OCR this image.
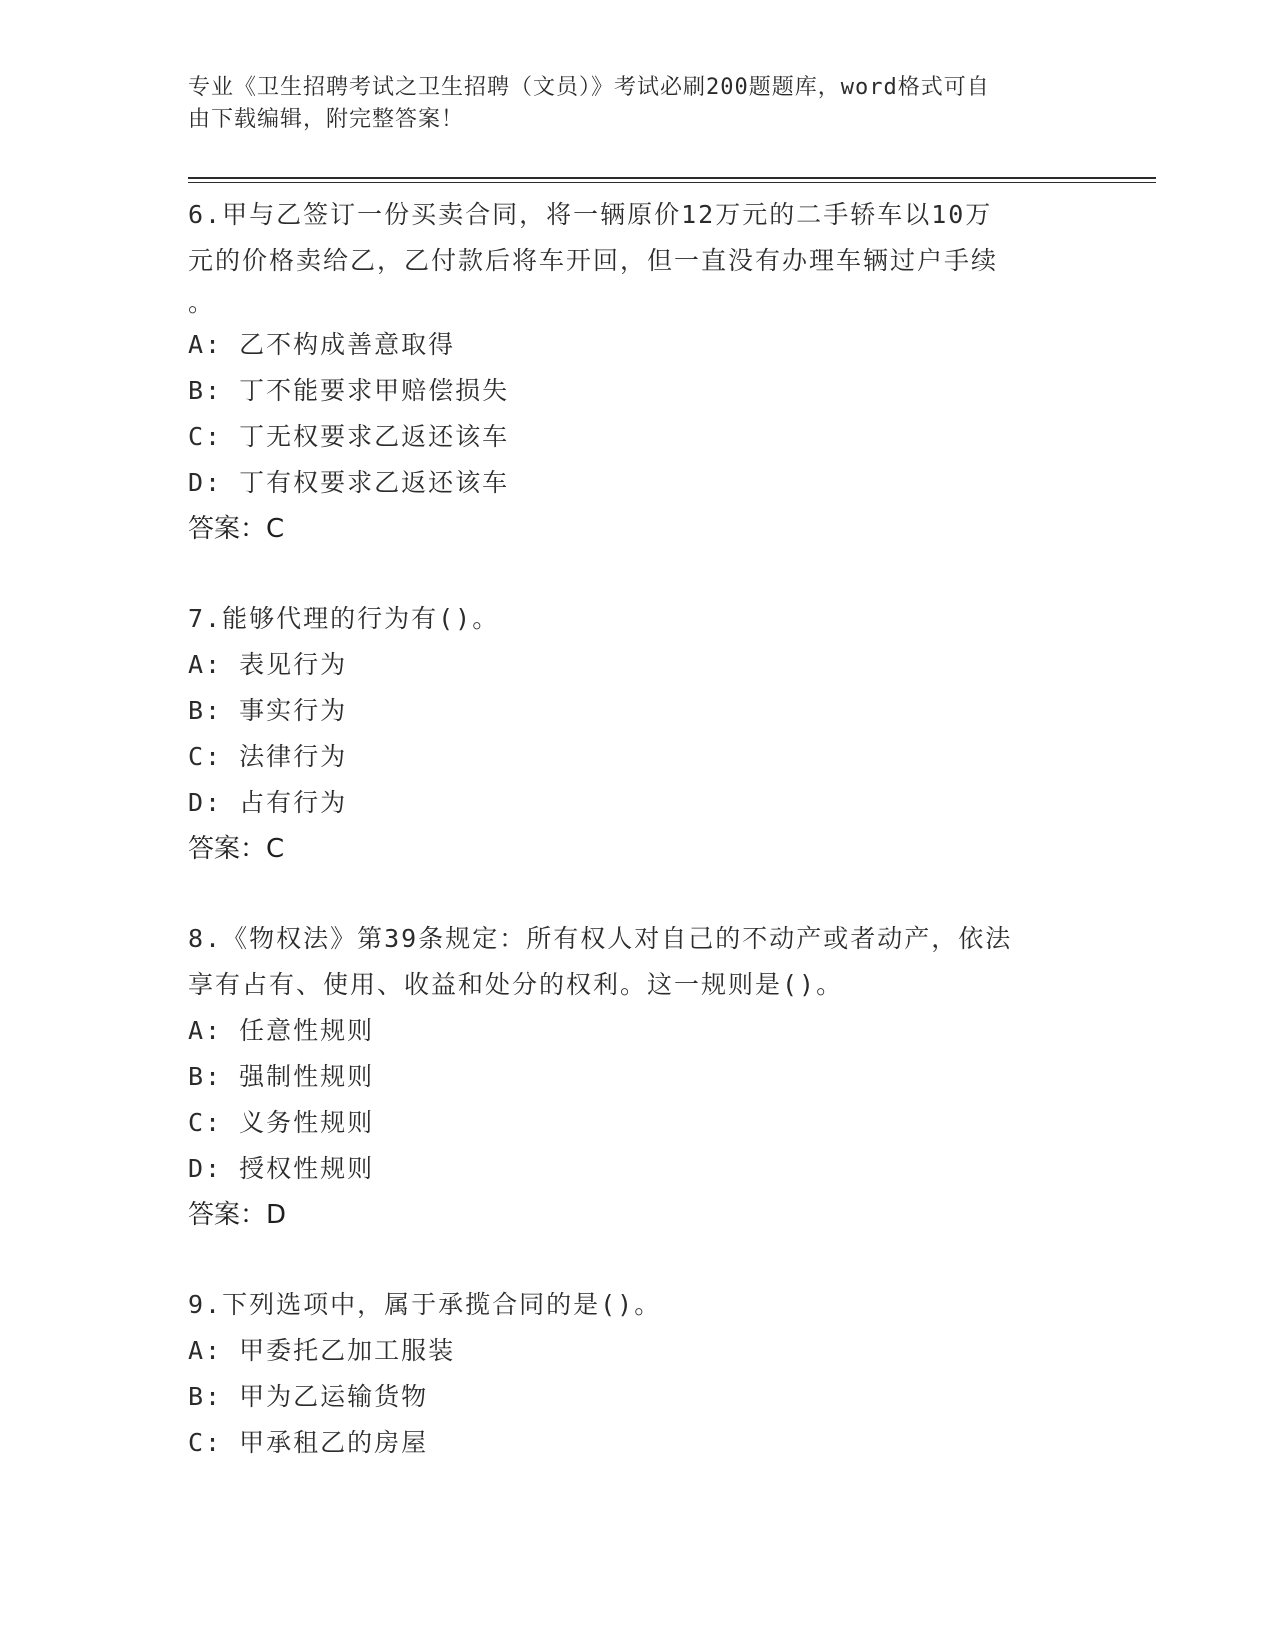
专业《卫生招聘考试之卫生招聘（文员）》考试必刷200题题库，word格式可自
由下载编辑，附完整答案！
6.甲与乙签订一份买卖合同，将一辆原价12万元的二手轿车以10万
元的价格卖给乙，乙付款后将车开回，但一直没有办理车辆过户手续
。
A: 乙不构成善意取得
B: 丁不能要求甲赔偿损失
C: 丁无权要求乙返还该车
D: 丁有权要求乙返还该车
答案：C
7.能够代理的行为有()。
A: 表见行为
B: 事实行为
C: 法律行为
D: 占有行为
答案：C
8.《物权法》第39条规定：所有权人对自己的不动产或者动产，依法
享有占有、使用、收益和处分的权利。这一规则是()。
A: 任意性规则
B: 强制性规则
C: 义务性规则
D: 授权性规则
答案：D
9.下列选项中，属于承揽合同的是()。
A: 甲委托乙加工服装
B: 甲为乙运输货物
C: 甲承租乙的房屋
